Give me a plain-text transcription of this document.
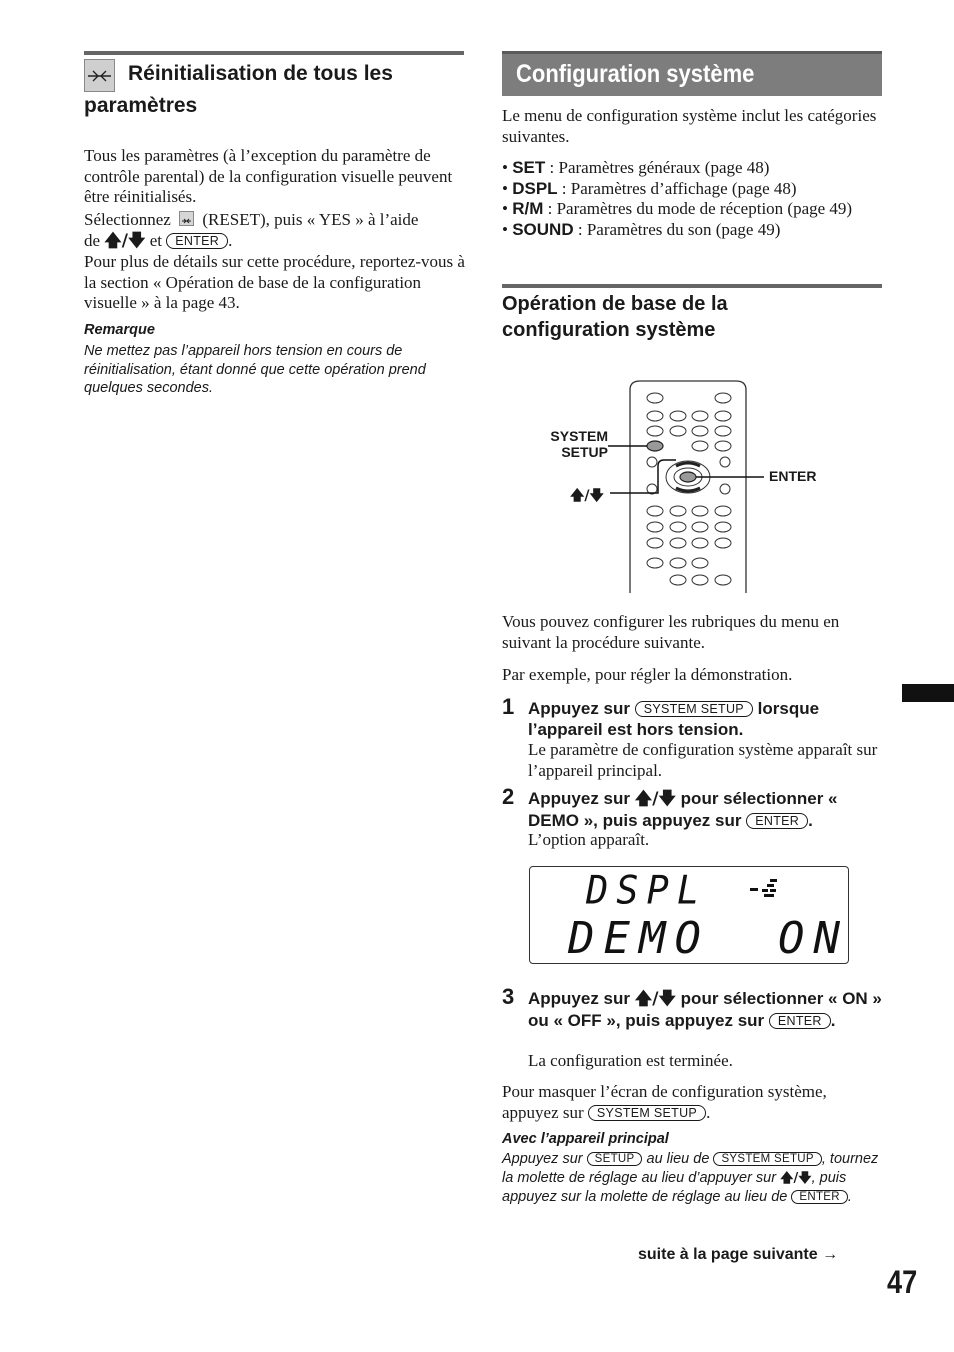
Réinitialisation de tous les
paramètres
Tous les paramètres (à l’exception du paramètre de contrôle parental) de la configuration visuelle peuvent être réinitialisés.
Sélectionnez (RESET), puis « YES » à l’aide
de 🡅/🡇 et ENTER .
Pour plus de détails sur cette procédure, reportez-vous à la section « Opération de base de la configuration visuelle » à la page 43.
Remarque
Ne mettez pas l’appareil hors tension en cours de réinitialisation, étant donné que cette opération prend quelques secondes.
Configuration système
Le menu de configuration système inclut les catégories suivantes.
• SET : Paramètres généraux (page 48)
• DSPL : Paramètres d’affichage (page 48)
• R/M : Paramètres du mode de réception (page 49)
• SOUND : Paramètres du son (page 49)
Opération de base de la
configuration système
SYSTEM
SETUP
ENTER
🡅/🡇
Vous pouvez configurer les rubriques du menu en suivant la procédure suivante.
Par exemple, pour régler la démonstration.
1 Appuyez sur SYSTEM SETUP lorsque l’appareil est hors tension.
Le paramètre de configuration système apparaît sur l’appareil principal.
2 Appuyez sur 🡅/🡇 pour sélectionner « DEMO », puis appuyez sur ENTER .
L’option apparaît.
DSPL
DEMO ON
3 Appuyez sur 🡅/🡇 pour sélectionner « ON » ou « OFF », puis appuyez sur ENTER .
La configuration est terminée.
Pour masquer l’écran de configuration système, appuyez sur SYSTEM SETUP .
Avec l’appareil principal
Appuyez sur SETUP au lieu de SYSTEM SETUP , tournez la molette de réglage au lieu d’appuyer sur 🡅/🡇, puis appuyez sur la molette de réglage au lieu de ENTER .
suite à la page suivante →
47
